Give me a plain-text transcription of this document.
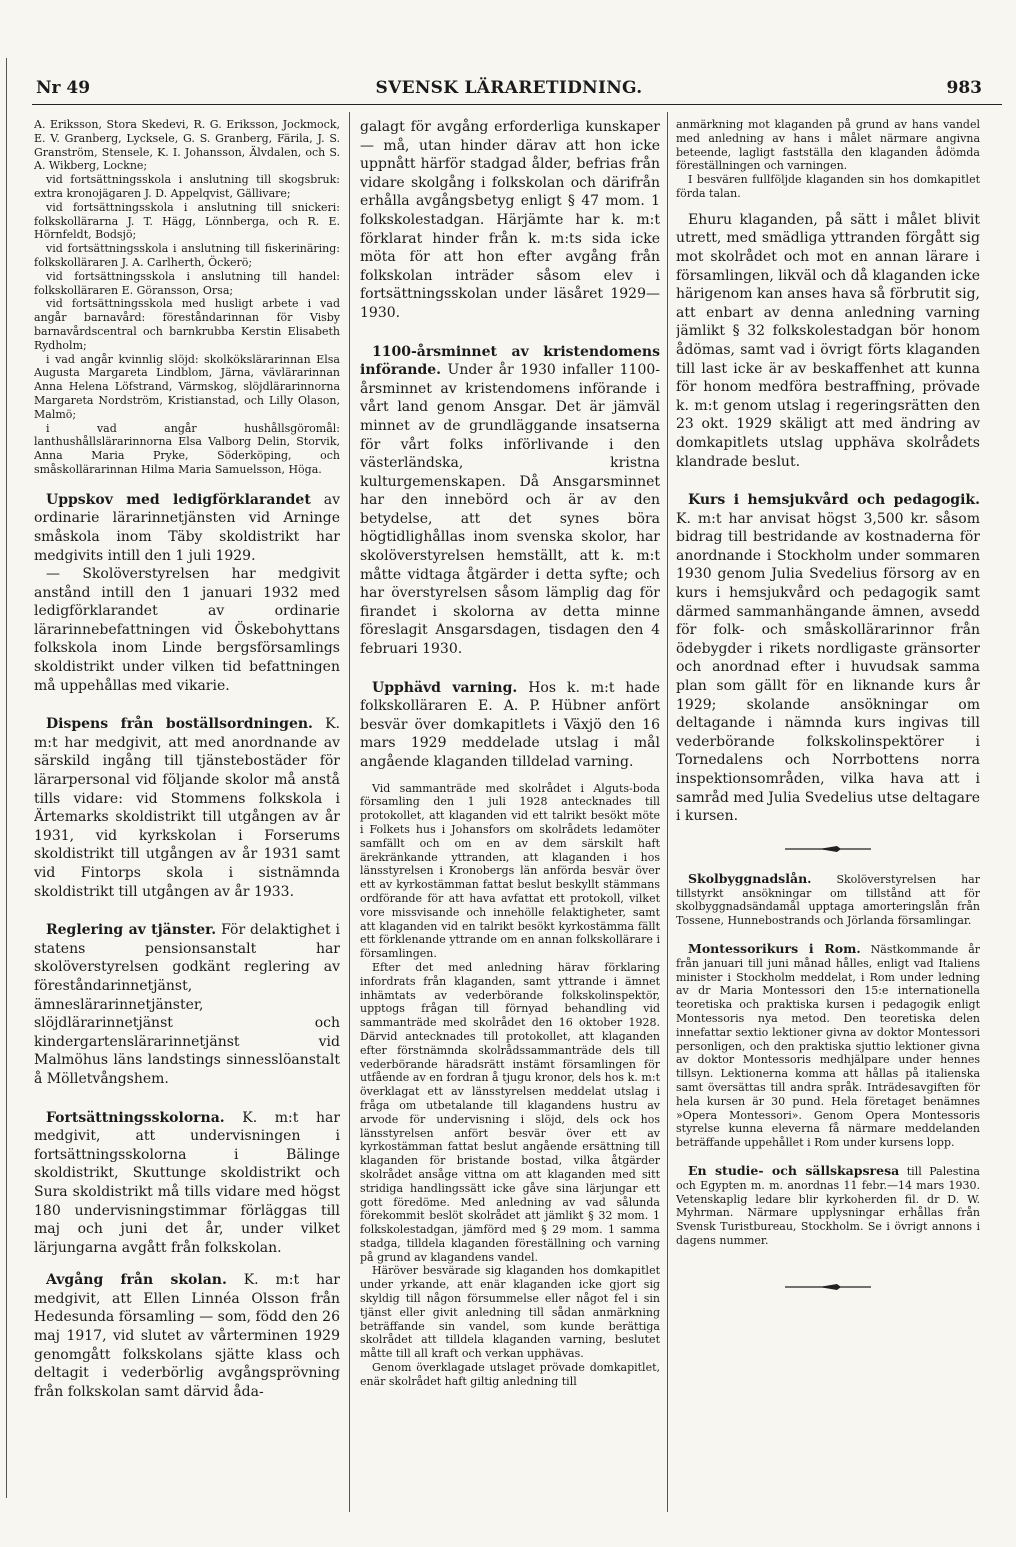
SVENSK LÄRARETIDNING.
Nr 49	983

A. Eriksson, Stora Skedevi, R. G. Eriksson, Jockmock, E. V. Granberg, Lycksele, G. S. Granberg, Färila, J. S. Granström, Stensele, K. I. Johansson, Älvdalen, och S. A. Wikberg, Lockne;

vid fortsättningsskola i anslutning till skogsbruk: extra kronojägaren J. D. Appelqvist, Gällivare;

vid fortsättningsskola i anslutning till snickeri: folkskollärarna J. T. Hägg, Lönnberga, och R. E. Hörnfeldt, Bodsjö;

vid fortsättningsskola i anslutning till fiskerinäring: folkskolläraren J. A. Carlherth, Öckerö;

vid fortsättningsskola i anslutning till handel: folkskolläraren E. Göransson, Orsa;

vid fortsättningsskola med husligt arbete i vad angår barnavård: föreståndarinnan för Visby barnavårdscentral och barnkrubba Kerstin Elisabeth Rydholm;

i vad angår kvinnlig slöjd: skolkökslärarinnan Elsa Augusta Margareta Lindblom, Järna, vävlärarinnan Anna Helena Löfstrand, Värmskog, slöjdlärarinnorna Margareta Nordström, Kristianstad, och Lilly Olason, Malmö;

i vad angår hushållsgöromål: lanthushållslärarinnorna Elsa Valborg Delin, Storvik, Anna Maria Pryke, Söderköping, och småskollärarinnan Hilma Maria Samuelsson, Höga.

Uppskov med ledigförklarandet av ordinarie lärarinnetjänsten vid Arninge småskola inom Täby skoldistrikt har medgivits intill den 1 juli 1929.

— Skolöverstyrelsen har medgivit anstånd intill den 1 januari 1932 med ledigförklarandet av ordinarie lärarinnebefattningen vid Öskebohyttans folkskola inom Linde bergsförsamlings skoldistrikt under vilken tid befattningen må uppehållas med vikarie.

Dispens från boställsordningen. K. m:t har medgivit, att med anordnande av särskild ingång till tjänstebostäder för lärarpersonal vid följande skolor må anstå tills vidare: vid Stommens folkskola i Ärtemarks skoldistrikt till utgången av år 1931, vid kyrkskolan i Forserums skoldistrikt till utgången av år 1931 samt vid Fintorps skola i sistnämnda skoldistrikt till utgången av år 1933.

Reglering av tjänster. För delaktighet i statens pensionsanstalt har skolöverstyrelsen godkänt reglering av föreståndarinnetjänst, ämneslärarinnetjänster, slöjdlärarinnetjänst och kindergartenslärarinnetjänst vid Malmöhus läns landstings sinnesslöanstalt å Mölletvångshem.

Fortsättningsskolorna. K. m:t har medgivit, att undervisningen i fortsättningsskolorna i Bälinge skoldistrikt, Skuttunge skoldistrikt och Sura skoldistrikt må tills vidare med högst 180 undervisningstimmar förläggas till maj och juni det år, under vilket lärjungarna avgått från folkskolan.

Avgång från skolan. K. m:t har medgivit, att Ellen Linnéa Olsson från Hedesunda församling — som, född den 26 maj 1917, vid slutet av vårterminen 1929 genomgått folkskolans sjätte klass och deltagit i vederbörlig avgångsprövning från folkskolan samt därvid åda-

galagt för avgång erforderliga kunskaper — må, utan hinder därav att hon icke uppnått härför stadgad ålder, befrias från vidare skolgång i folkskolan och därifrån erhålla avgångsbetyg enligt § 47 mom. 1 folkskolestadgan. Härjämte har k. m:t förklarat hinder från k. m:ts sida icke möta för att hon efter avgång från folkskolan inträder såsom elev i fortsättningsskolan under läsåret 1929—1930.

1100-årsminnet av kristendomens införande. Under år 1930 infaller 1100-årsminnet av kristendomens införande i vårt land genom Ansgar. Det är jämväl minnet av de grundläggande insatserna för vårt folks införlivande i den västerländska, kristna kulturgemenskapen. Då Ansgarsminnet har den innebörd och är av den betydelse, att det synes böra högtidlighållas inom svenska skolor, har skolöverstyrelsen hemställt, att k. m:t måtte vidtaga åtgärder i detta syfte; och har överstyrelsen såsom lämplig dag för firandet i skolorna av detta minne föreslagit Ansgarsdagen, tisdagen den 4 februari 1930.

Upphävd varning. Hos k. m:t hade folkskolläraren E. A. P. Hübner anfört besvär över domkapitlets i Växjö den 16 mars 1929 meddelade utslag i mål angående klaganden tilldelad varning.

Vid sammanträde med skolrådet i Alguts-boda församling den 1 juli 1928 antecknades till protokollet, att klaganden vid ett talrikt besökt möte i Folkets hus i Johansfors om skolrådets ledamöter samfällt och om en av dem särskilt haft ärekränkande yttranden, att klaganden i hos länsstyrelsen i Kronobergs län anförda besvär över ett av kyrkostämman fattat beslut beskyllt stämmans ordförande för att hava avfattat ett protokoll, vilket vore missvisande och innehölle felaktigheter, samt att klaganden vid en talrikt besökt kyrkostämma fällt ett förklenande yttrande om en annan folkskollärare i församlingen.

Efter det med anledning härav förklaring infordrats från klaganden, samt yttrande i ämnet inhämtats av vederbörande folkskolinspektör, upptogs frågan till förnyad behandling vid sammanträde med skolrådet den 16 oktober 1928. Därvid antecknades till protokollet, att klaganden efter förstnämnda skolrådssammanträde dels till vederbörande häradsrätt instämt församlingen för utfående av en fordran å tjugu kronor, dels hos k. m:t överklagat ett av länsstyrelsen meddelat utslag i fråga om utbetalande till klagandens hustru av arvode för undervisning i slöjd, dels ock hos länsstyrelsen anfört besvär över ett av kyrkostämman fattat beslut angående ersättning till klaganden för bristande bostad, vilka åtgärder skolrådet ansåge vittna om att klaganden med sitt stridiga handlingssätt icke gåve sina lärjungar ett gott föredöme. Med anledning av vad sålunda förekommit beslöt skolrådet att jämlikt § 32 mom. 1 folkskolestadgan, jämförd med § 29 mom. 1 samma stadga, tilldela klaganden föreställning och varning på grund av klagandens vandel.

Häröver besvärade sig klaganden hos domkapitlet under yrkande, att enär klaganden icke gjort sig skyldig till någon försummelse eller något fel i sin tjänst eller givit anledning till sådan anmärkning beträffande sin vandel, som kunde berättiga skolrådet att tilldela klaganden varning, beslutet måtte till all kraft och verkan upphävas.

Genom överklagade utslaget prövade domkapitlet, enär skolrådet haft giltig anledning till

anmärkning mot klaganden på grund av hans vandel med anledning av hans i målet närmare angivna beteende, lagligt fastställa den klaganden ådömda föreställningen och varningen.

I besvären fullföljde klaganden sin hos domkapitlet förda talan.

Ehuru klaganden, på sätt i målet blivit utrett, med smädliga yttranden förgått sig mot skolrådet och mot en annan lärare i församlingen, likväl och då klaganden icke härigenom kan anses hava så förbrutit sig, att enbart av denna anledning varning jämlikt § 32 folkskolestadgan bör honom ådömas, samt vad i övrigt förts klaganden till last icke är av beskaffenhet att kunna för honom medföra bestraffning, prövade k. m:t genom utslag i regeringsrätten den 23 okt. 1929 skäligt att med ändring av domkapitlets utslag upphäva skolrådets klandrade beslut.

Kurs i hemsjukvård och pedagogik. K. m:t har anvisat högst 3,500 kr. såsom bidrag till bestridande av kostnaderna för anordnande i Stockholm under sommaren 1930 genom Julia Svedelius försorg av en kurs i hemsjukvård och pedagogik samt därmed sammanhängande ämnen, avsedd för folk- och småskollärarinnor från ödebygder i rikets nordligaste gränsorter och anordnad efter i huvudsak samma plan som gällt för en liknande kurs år 1929; skolande ansökningar om deltagande i nämnda kurs ingivas till vederbörande folkskolinspektörer i Tornedalens och Norrbottens norra inspektionsområden, vilka hava att i samråd med Julia Svedelius utse deltagare i kursen.

Skolbyggnadslån. Skolöverstyrelsen har tillstyrkt ansökningar om tillstånd att för skolbyggnadsändamål upptaga amorteringslån från Tossene, Hunnebostrands och Jörlanda församlingar.

Montessorikurs i Rom. Nästkommande år från januari till juni månad hålles, enligt vad Italiens minister i Stockholm meddelat, i Rom under ledning av dr Maria Montessori den 15:e internationella teoretiska och praktiska kursen i pedagogik enligt Montessoris nya metod. Den teoretiska delen innefattar sextio lektioner givna av doktor Montessori personligen, och den praktiska sjuttio lektioner givna av doktor Montessoris medhjälpare under hennes tillsyn. Lektionerna komma att hållas på italienska samt översättas till andra språk. Inträdesavgiften för hela kursen är 30 pund. Hela företaget benämnes »Opera Montessori». Genom Opera Montessoris styrelse kunna eleverna få närmare meddelanden beträffande uppehållet i Rom under kursens lopp.

En studie- och sällskapsresa till Palestina och Egypten m. m. anordnas 11 febr.—14 mars 1930. Vetenskaplig ledare blir kyrkoherden fil. dr D. W. Myhrman. Närmare upplysningar erhållas från Svensk Turistbureau, Stockholm. Se i övrigt annons i dagens nummer.
